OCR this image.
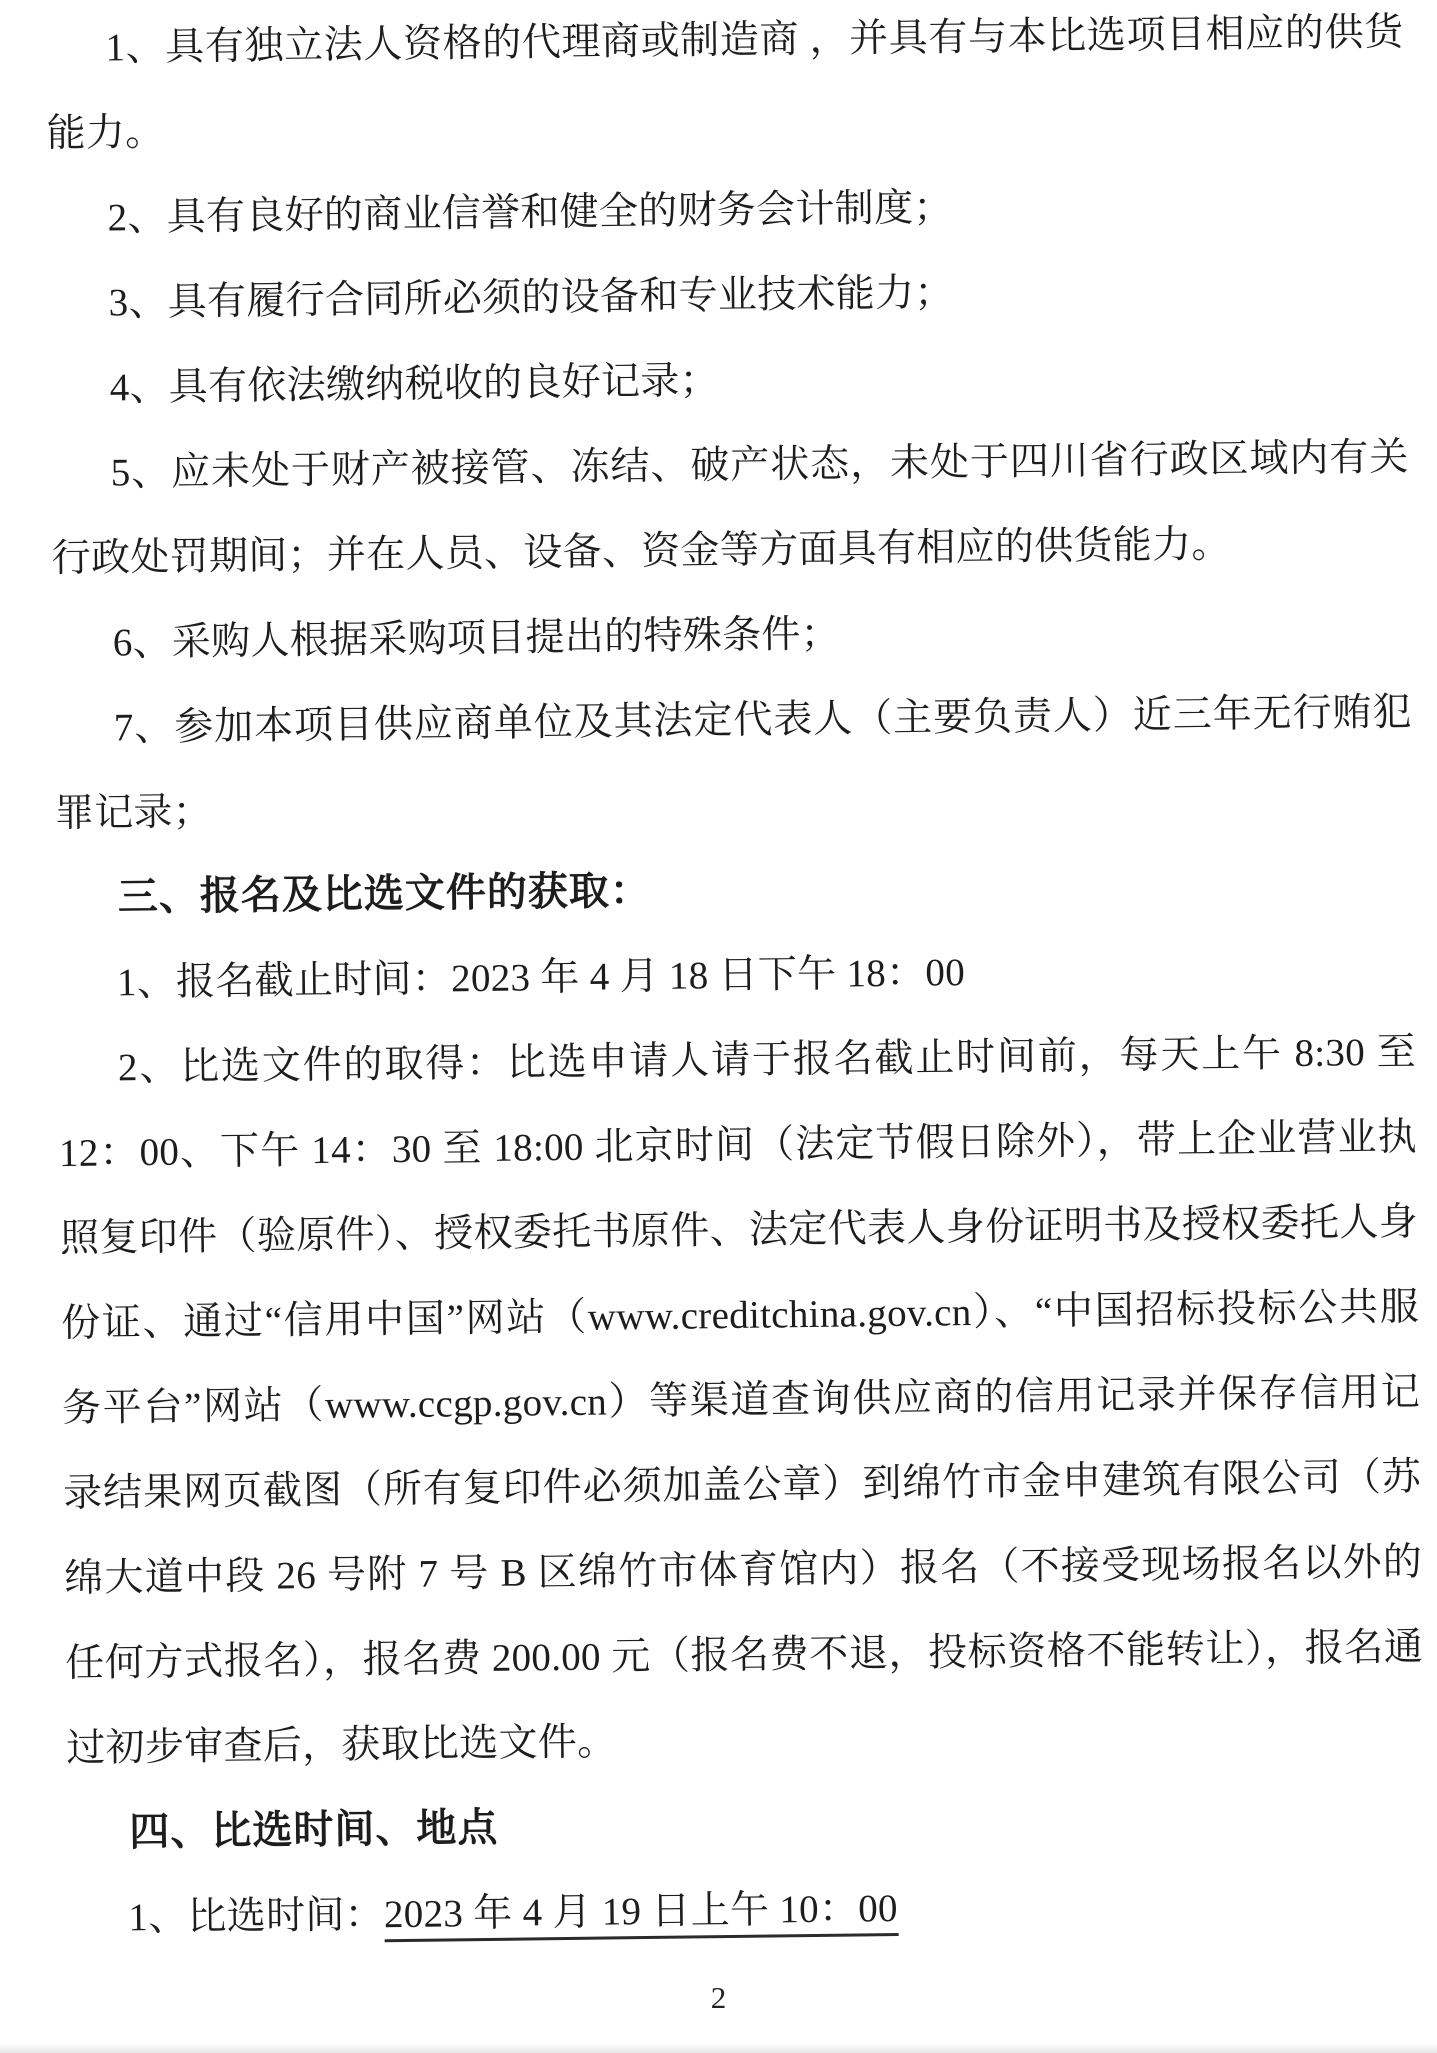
1、具有独立法人资格的代理商或制造商 ，并具有与本比选项目相应的供货能力。

2、具有良好的商业信誉和健全的财务会计制度；

3、具有履行合同所必须的设备和专业技术能力；

4、具有依法缴纳税收的良好记录；

5、应未处于财产被接管、冻结、破产状态，未处于四川省行政区域内有关行政处罚期间；并在人员、设备、资金等方面具有相应的供货能力。

6、采购人根据采购项目提出的特殊条件；

7、参加本项目供应商单位及其法定代表人（主要负责人）近三年无行贿犯罪记录；

三、报名及比选文件的获取：

1、报名截止时间：2023 年 4 月 18 日下午 18：00

2、比选文件的取得：比选申请人请于报名截止时间前，每天上午 8:30 至 12：00、下午 14：30 至 18:00 北京时间（法定节假日除外），带上企业营业执照复印件（验原件）、授权委托书原件、法定代表人身份证明书及授权委托人身份证、通过“信用中国”网站（www.creditchina.gov.cn）、“中国招标投标公共服务平台”网站（www.ccgp.gov.cn）等渠道查询供应商的信用记录并保存信用记录结果网页截图（所有复印件必须加盖公章）到绵竹市金申建筑有限公司（苏绵大道中段 26 号附 7 号 B 区绵竹市体育馆内）报名（不接受现场报名以外的任何方式报名），报名费 200.00 元（报名费不退，投标资格不能转让），报名通过初步审查后，获取比选文件。

四、比选时间、地点

1、比选时间：2023 年 4 月 19 日上午 10：00

2
